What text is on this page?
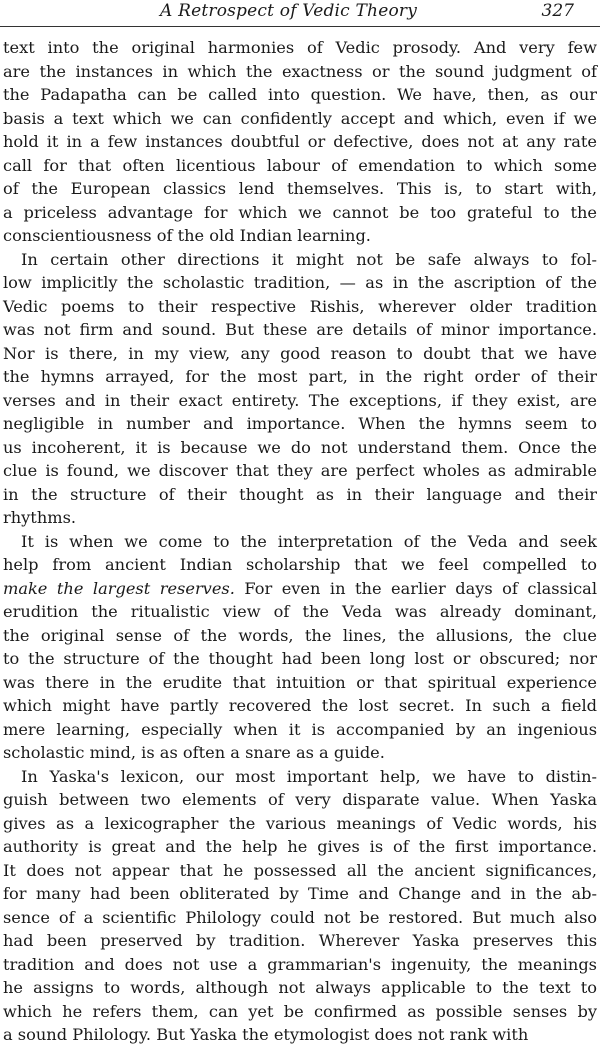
A Retrospect of Vedic Theory	327
text into the original harmonies of Vedic prosody. And very few
are the instances in which the exactness or the sound judgment of
the Padapatha can be called into question. We have, then, as our
basis a text which we can confidently accept and which, even if we
hold it in a few instances doubtful or defective, does not at any rate
call for that often licentious labour of emendation to which some
of the European classics lend themselves. This is, to start with,
a priceless advantage for which we cannot be too grateful to the
conscientiousness of the old Indian learning.
In certain other directions it might not be safe always to fol-
low implicitly the scholastic tradition, — as in the ascription of the
Vedic poems to their respective Rishis, wherever older tradition
was not firm and sound. But these are details of minor importance.
Nor is there, in my view, any good reason to doubt that we have
the hymns arrayed, for the most part, in the right order of their
verses and in their exact entirety. The exceptions, if they exist, are
negligible in number and importance. When the hymns seem to
us incoherent, it is because we do not understand them. Once the
clue is found, we discover that they are perfect wholes as admirable
in the structure of their thought as in their language and their
rhythms.
It is when we come to the interpretation of the Veda and seek
help from ancient Indian scholarship that we feel compelled to
make the largest reserves. For even in the earlier days of classical
erudition the ritualistic view of the Veda was already dominant,
the original sense of the words, the lines, the allusions, the clue
to the structure of the thought had been long lost or obscured; nor
was there in the erudite that intuition or that spiritual experience
which might have partly recovered the lost secret. In such a field
mere learning, especially when it is accompanied by an ingenious
scholastic mind, is as often a snare as a guide.
In Yaska's lexicon, our most important help, we have to distin-
guish between two elements of very disparate value. When Yaska
gives as a lexicographer the various meanings of Vedic words, his
authority is great and the help he gives is of the first importance.
It does not appear that he possessed all the ancient significances,
for many had been obliterated by Time and Change and in the ab-
sence of a scientific Philology could not be restored. But much also
had been preserved by tradition. Wherever Yaska preserves this
tradition and does not use a grammarian's ingenuity, the meanings
he assigns to words, although not always applicable to the text to
which he refers them, can yet be confirmed as possible senses by
a sound Philology. But Yaska the etymologist does not rank with
